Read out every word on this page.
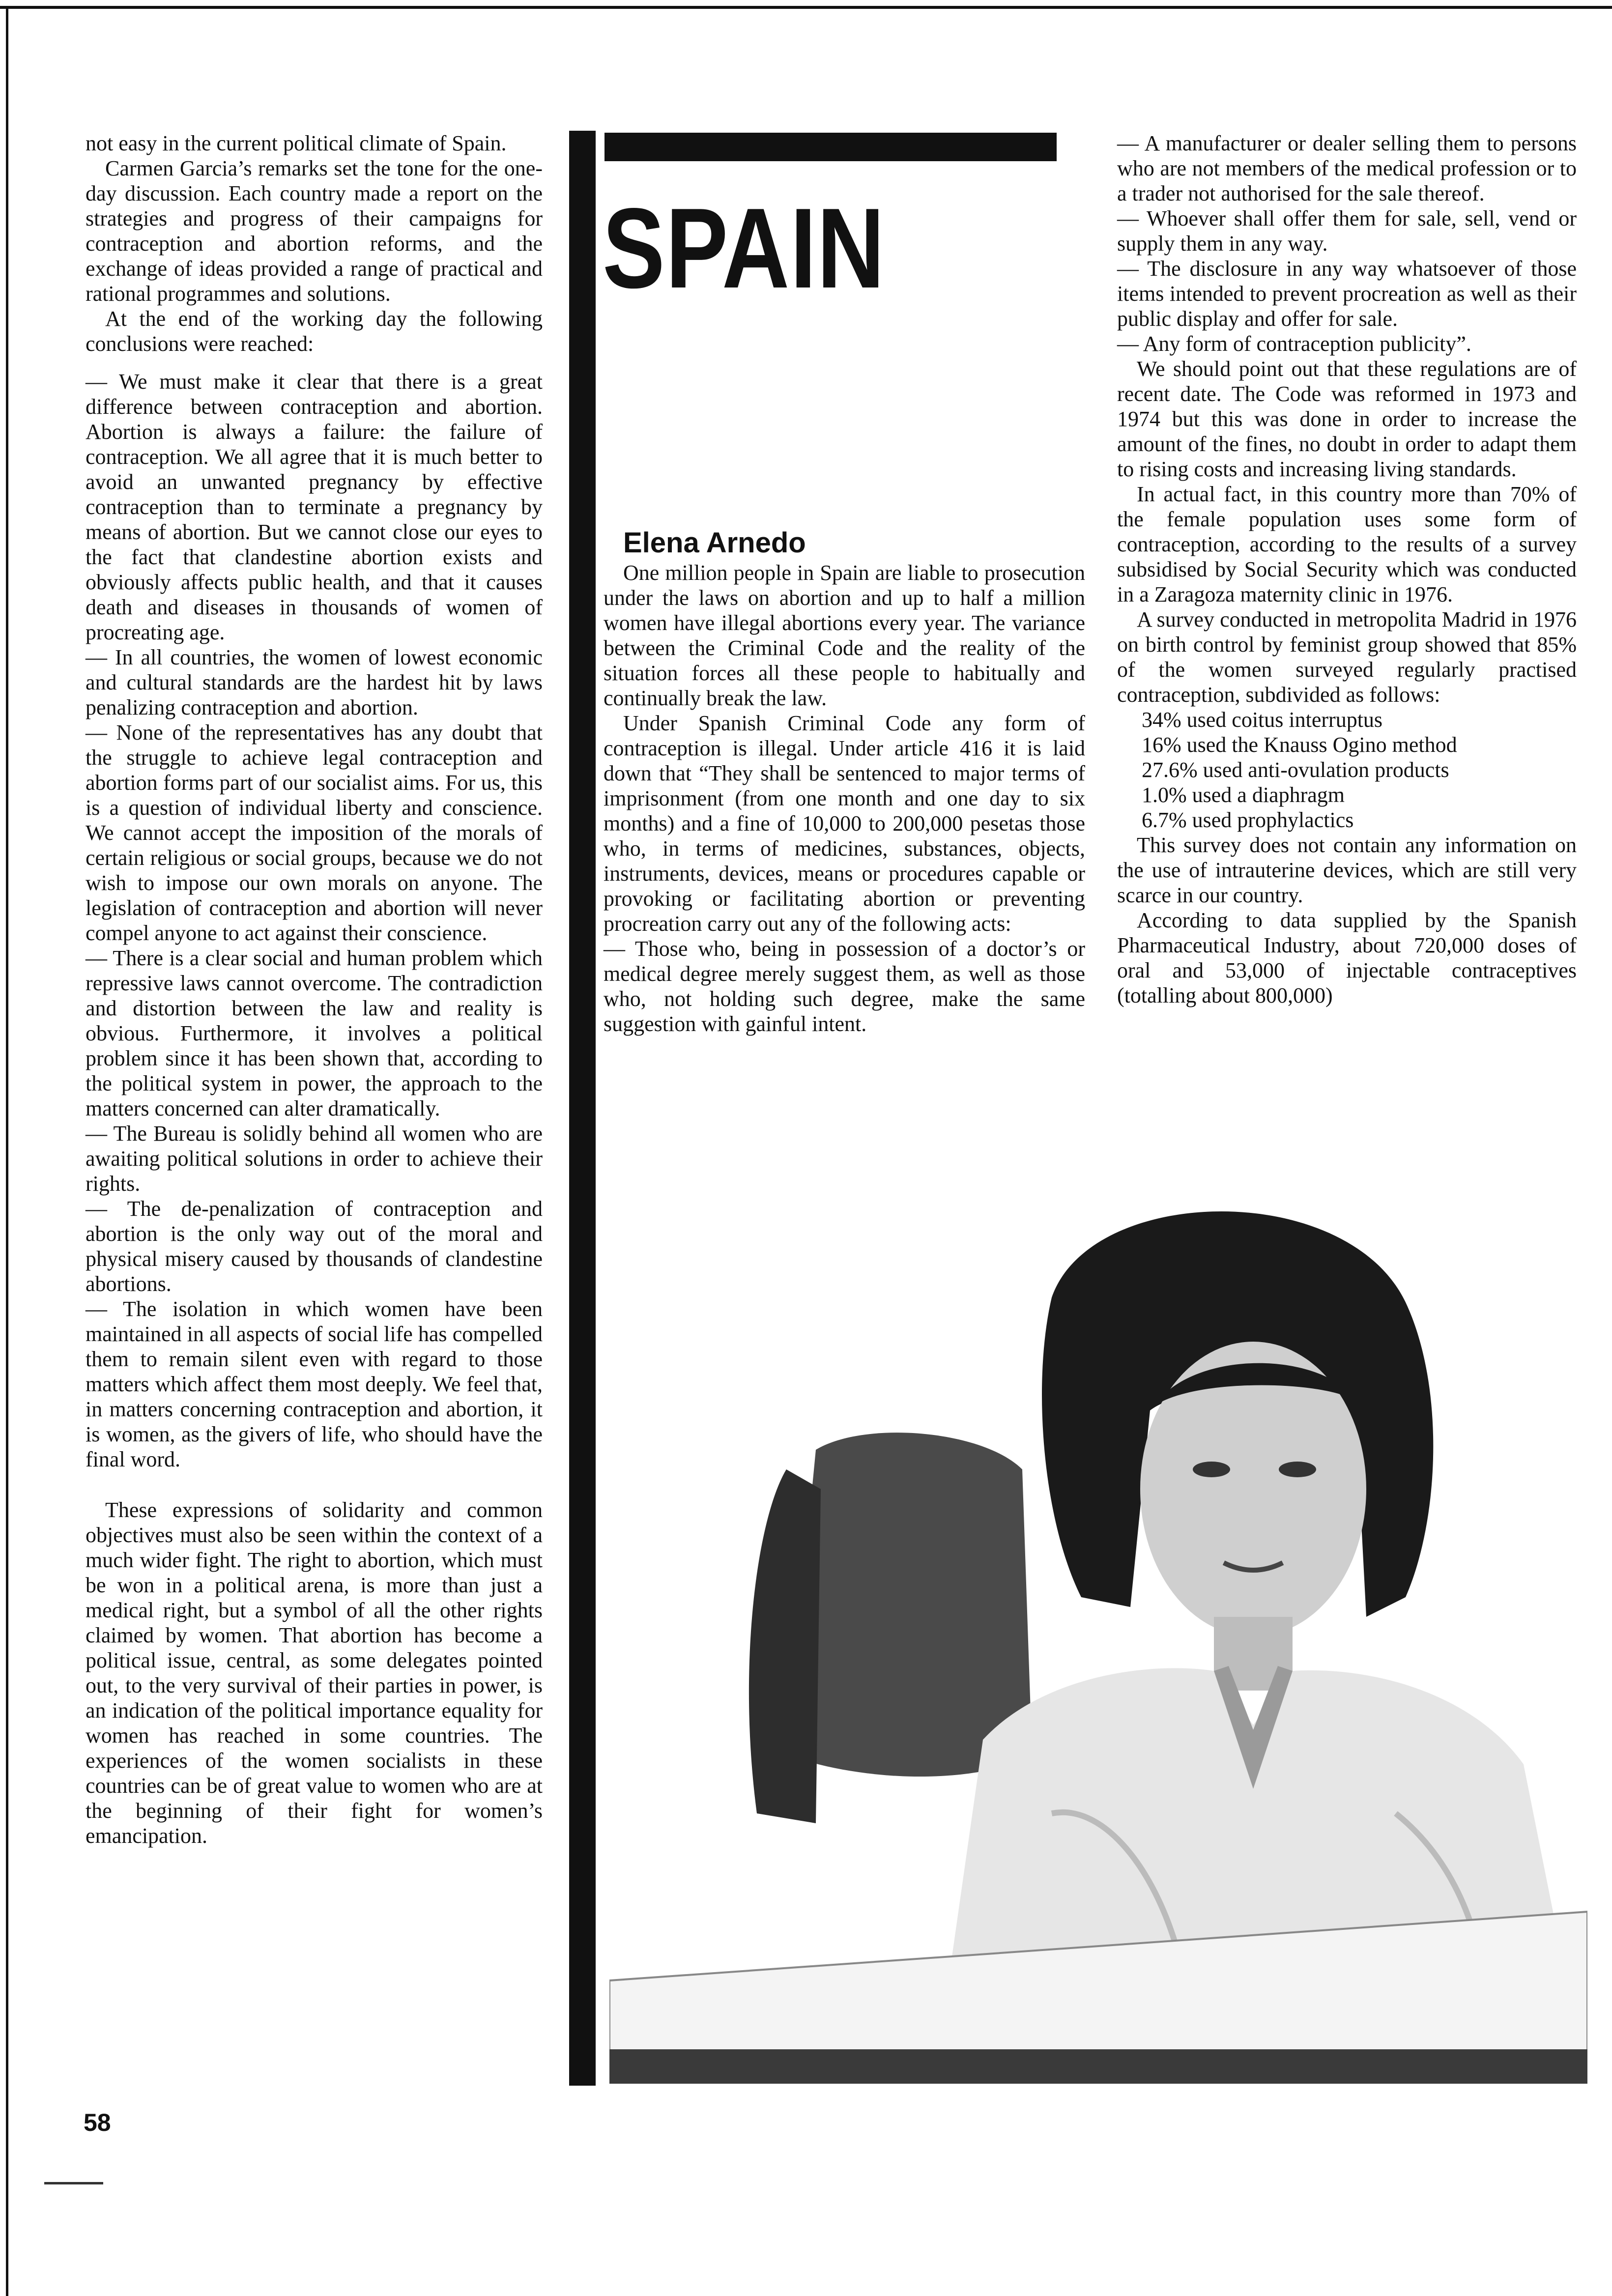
not easy in the current political climate of Spain.

Carmen Garcia’s remarks set the tone for the one-day discussion. Each country made a report on the strategies and progress of their campaigns for contraception and abortion reforms, and the exchange of ideas provided a range of practical and rational programmes and solutions.

At the end of the working day the following conclusions were reached:

— We must make it clear that there is a great difference between contraception and abortion. Abortion is always a failure: the failure of contraception. We all agree that it is much better to avoid an unwanted pregnancy by effective contraception than to terminate a pregnancy by means of abortion. But we cannot close our eyes to the fact that clandestine abortion exists and obviously affects public health, and that it causes death and diseases in thousands of women of procreating age.

— In all countries, the women of lowest economic and cultural standards are the hardest hit by laws penalizing contraception and abortion.

— None of the representatives has any doubt that the struggle to achieve legal contraception and abortion forms part of our socialist aims. For us, this is a question of individual liberty and conscience. We cannot accept the imposition of the morals of certain religious or social groups, because we do not wish to impose our own morals on anyone. The legislation of contraception and abortion will never compel anyone to act against their conscience.

— There is a clear social and human problem which repressive laws cannot overcome. The contradiction and distortion between the law and reality is obvious. Furthermore, it involves a political problem since it has been shown that, according to the political system in power, the approach to the matters concerned can alter dramatically.

— The Bureau is solidly behind all women who are awaiting political solutions in order to achieve their rights.

— The de-penalization of contraception and abortion is the only way out of the moral and physical misery caused by thousands of clandestine abortions.

— The isolation in which women have been maintained in all aspects of social life has compelled them to remain silent even with regard to those matters which affect them most deeply. We feel that, in matters concerning contraception and abortion, it is women, as the givers of life, who should have the final word.

These expressions of solidarity and common objectives must also be seen within the context of a much wider fight. The right to abortion, which must be won in a political arena, is more than just a medical right, but a symbol of all the other rights claimed by women. That abortion has become a political issue, central, as some delegates pointed out, to the very survival of their parties in power, is an indication of the political importance equality for women has reached in some countries. The experiences of the women socialists in these countries can be of great value to women who are at the beginning of their fight for women’s emancipation.

SPAIN

Elena Arnedo

One million people in Spain are liable to prosecution under the laws on abortion and up to half a million women have illegal abortions every year. The variance between the Criminal Code and the reality of the situation forces all these people to habitually and continually break the law.

Under Spanish Criminal Code any form of contraception is illegal. Under article 416 it is laid down that “They shall be sentenced to major terms of imprisonment (from one month and one day to six months) and a fine of 10,000 to 200,000 pesetas those who, in terms of medicines, substances, objects, instruments, devices, means or procedures capable or provoking or facilitating abortion or preventing procreation carry out any of the following acts:

— Those who, being in possession of a doctor’s or medical degree merely suggest them, as well as those who, not holding such degree, make the same suggestion with gainful intent.

— A manufacturer or dealer selling them to persons who are not members of the medical profession or to a trader not authorised for the sale thereof.

— Whoever shall offer them for sale, sell, vend or supply them in any way.

— The disclosure in any way whatsoever of those items intended to prevent procreation as well as their public display and offer for sale.

— Any form of contraception publicity”.

We should point out that these regulations are of recent date. The Code was reformed in 1973 and 1974 but this was done in order to increase the amount of the fines, no doubt in order to adapt them to rising costs and increasing living standards.

In actual fact, in this country more than 70% of the female population uses some form of contraception, according to the results of a survey subsidised by Social Security which was conducted in a Zaragoza maternity clinic in 1976.

A survey conducted in metropolita Madrid in 1976 on birth control by feminist group showed that 85% of the women surveyed regularly practised contraception, subdivided as follows:

34% used coitus interruptus

16% used the Knauss Ogino method

27.6% used anti-ovulation products

1.0% used a diaphragm

6.7% used prophylactics

This survey does not contain any information on the use of intrauterine devices, which are still very scarce in our country.

According to data supplied by the Spanish Pharmaceutical Industry, about 720,000 doses of oral and 53,000 of injectable contraceptives (totalling about 800,000)

58
